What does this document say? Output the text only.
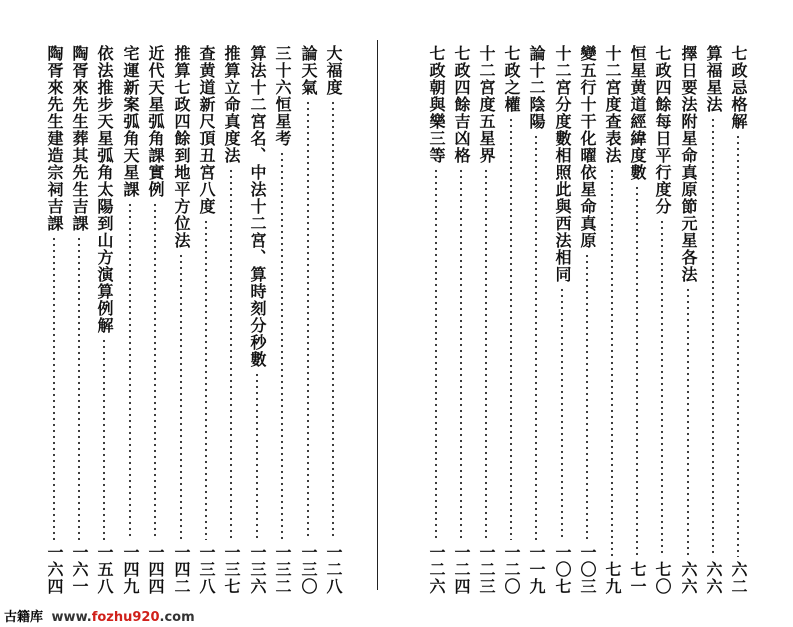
七政忌格解
六二
算福星法
六六
擇日要法附星命真原節元星各法
六六
七政四餘每日平行度分
七〇
恒星黄道經緯度數
七一
十二宮度查表法
七九
變五行十干化曜依星命真原
一〇三
十二宮分度數相照此與西法相同
一〇七
論十二陰陽
一一九
七政之權
一二〇
十二宮度五星界
一二三
七政四餘吉凶格
一二四
七政朝與樂三等
一二六
大福度
一二八
論天氣
一三〇
三十六恒星考
一三二
算法十二宮名、中法十二宮、算時刻分秒數
一三六
推算立命真度法
一三七
查黄道新尺頂丑宮八度
一三八
推算七政四餘到地平方位法
一四二
近代天星弧角課實例
一四四
宅運新案弧角天星課
一四九
依法推步天星弧角太陽到山方演算例解
一五八
陶胥來先生葬其先生吉課
一六一
陶胥來先生建造宗祠吉課
一六四
古籍库 www.fozhu920.com
